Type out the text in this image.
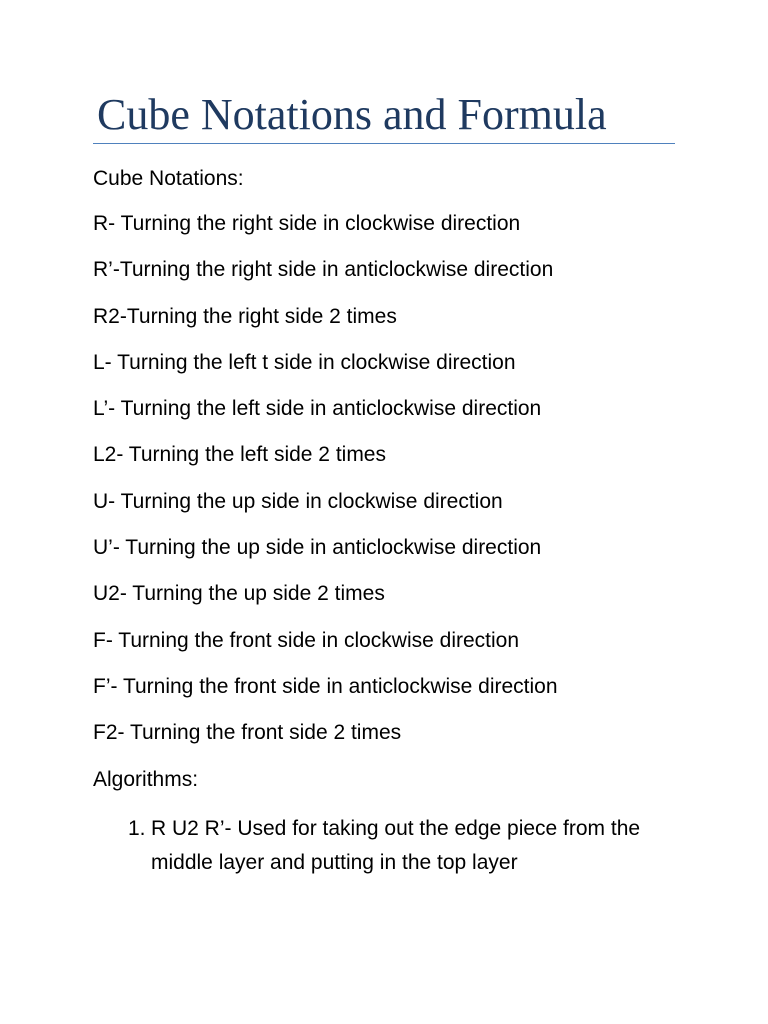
Cube Notations and Formula
Cube Notations:
R- Turning the right side in clockwise direction
R’-Turning the right side in anticlockwise direction
R2-Turning the right side 2 times
L- Turning the left t side in clockwise direction
L’- Turning the left side in anticlockwise direction
L2- Turning the left side 2 times
U- Turning the up side in clockwise direction
U’- Turning the up side in anticlockwise direction
U2- Turning the up side 2 times
F- Turning the front side in clockwise direction
F’- Turning the front side in anticlockwise direction
F2- Turning the front side 2 times
Algorithms:
1. R U2 R’- Used for taking out the edge piece from the middle layer and putting in the top layer
